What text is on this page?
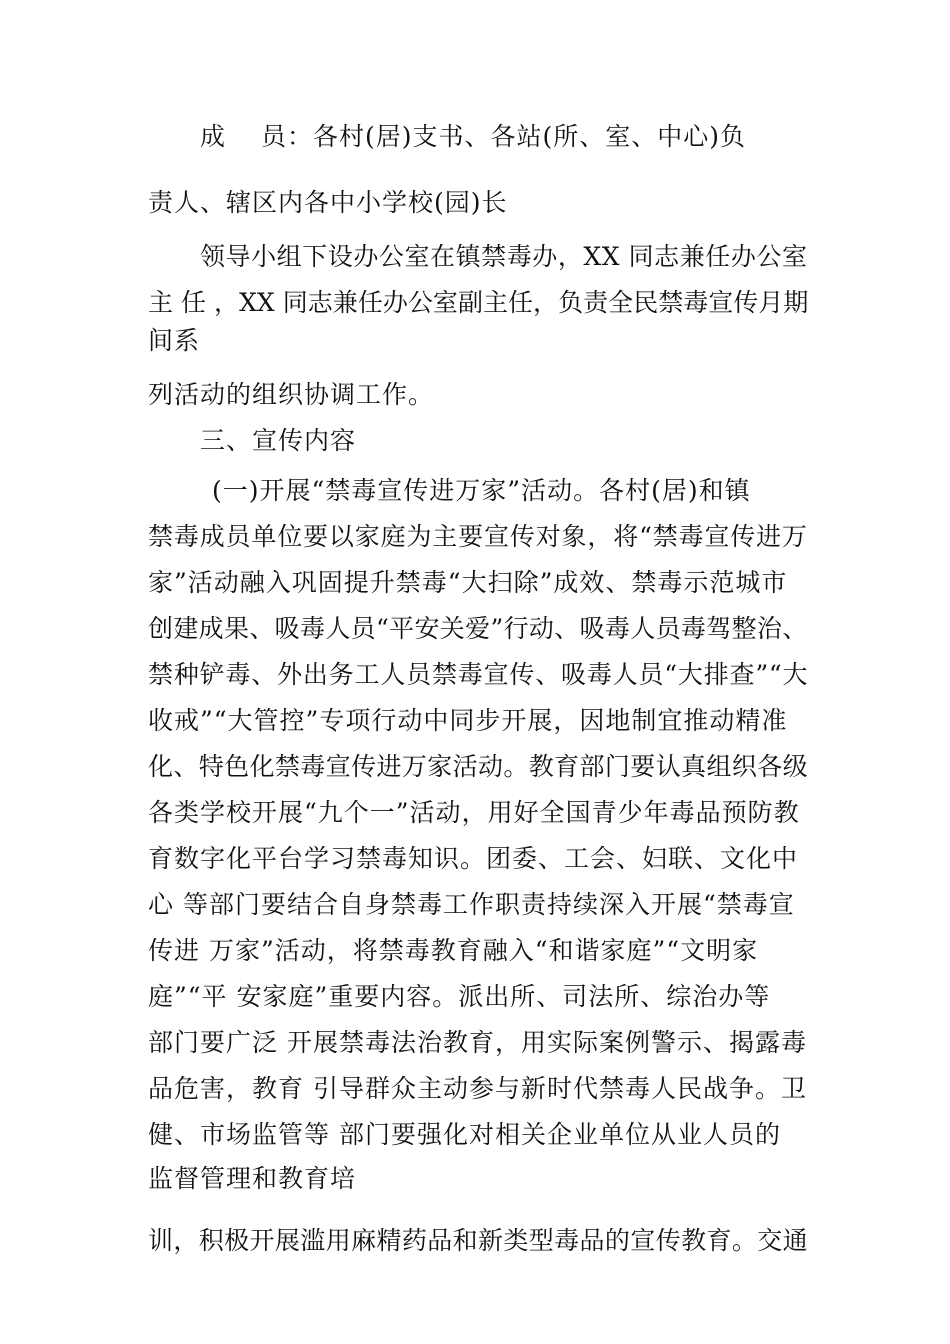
成　 员：各村(居)支书、各站(所、室、中心)负
责人、辖区内各中小学校(园)长
领导小组下设办公室在镇禁毒办，XX 同志兼任办公室
主 任 ，XX 同志兼任办公室副主任，负责全民禁毒宣传月期
间系
列活动的组织协调工作。
三、宣传内容
(一)开展“禁毒宣传进万家”活动。各村(居)和镇
禁毒成员单位要以家庭为主要宣传对象，将“禁毒宣传进万
家”活动融入巩固提升禁毒“大扫除”成效、禁毒示范城市
创建成果、吸毒人员“平安关爱”行动、吸毒人员毒驾整治、
禁种铲毒、外出务工人员禁毒宣传、吸毒人员“大排查”“大
收戒”“大管控”专项行动中同步开展，因地制宜推动精准
化、特色化禁毒宣传进万家活动。教育部门要认真组织各级
各类学校开展“九个一”活动，用好全国青少年毒品预防教
育数字化平台学习禁毒知识。团委、工会、妇联、文化中
心 等部门要结合自身禁毒工作职责持续深入开展“禁毒宣
传进 万家”活动，将禁毒教育融入“和谐家庭”“文明家
庭”“平 安家庭”重要内容。派出所、司法所、综治办等
部门要广泛 开展禁毒法治教育，用实际案例警示、揭露毒
品危害，教育 引导群众主动参与新时代禁毒人民战争。卫
健、市场监管等 部门要强化对相关企业单位从业人员的
监督管理和教育培
训，积极开展滥用麻精药品和新类型毒品的宣传教育。交通
